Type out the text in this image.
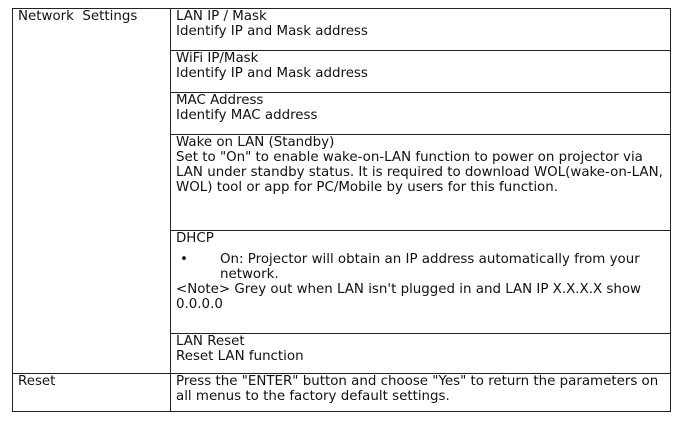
Network  Settings	LAN IP / Mask
Identify IP and Mask address

	WiFi IP/Mask
Identify IP and Mask address

	MAC Address
Identify MAC address

	Wake on LAN (Standby)
Set to "On" to enable wake-on-LAN function to power on projector via LAN under standby status. It is required to download WOL(wake-on-LAN, WOL) tool or app for PC/Mobile by users for this function.

	DHCP
• On: Projector will obtain an IP address automatically from your network.
<Note> Grey out when LAN isn't plugged in and LAN IP X.X.X.X show 0.0.0.0

	LAN Reset
Reset LAN function

Reset	Press the "ENTER" button and choose "Yes" to return the parameters on all menus to the factory default settings.
